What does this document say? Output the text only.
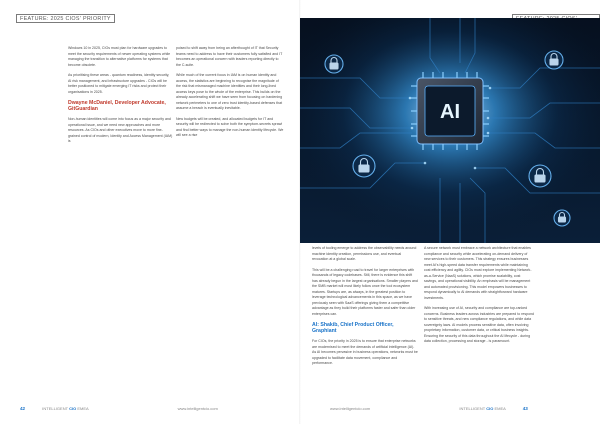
FEATURE: 2025 CIOS' PRIORITY

Windows 10 in 2025, CIOs must plan for hardware upgrades to meet the security requirements of newer operating systems while managing the transition to alternative platforms for systems that become obsolete.

As prioritising these areas - quantum readiness, identity security, AI risk management, and infrastructure upgrades - CIOs will be better positioned to mitigate emerging IT risks and protect their organisations in 2025.

Dwayne McDaniel, Developer Advocate, GitGuardian

Non-human identities will come into focus as a major security and operational issue, and we need new approaches and more resources. As CIOs and other executives move to more fine-grained control of modern, Identity and Access Management (IAM) is

poised to shift away from being an afterthought of IT that Security teams need to address to have their customers fully satisfied and IT becomes an operational concern with leaders reporting directly to the C-suite.

While much of the current focus in IAM is on human identity and access, the statistics are beginning to recognise the magnitude of the risk that mismanaged machine identities and their long-lived access keys pose to the whole of the enterprise. This builds on the already accelerating shift we have seen from focusing on hardening network perimeters to one of zero trust identity-based defenses that assume a breach is eventually inevitable.

New budgets will be created, and allocated budgets for IT and security will be redirected to solve both the symptom-secrets sprawl and find better ways to manage the non-human identity lifecycle. We will see a rise

AI

levels of tooling emerge to address the observability needs around machine identity creation, permissions use, and eventual revocation at a global scale.

This will be a challenging road to travel for larger enterprises with thousands of legacy codebases. Still, there is evidence this shift has already begun in the largest organisations. Smaller players and the SMB market will most likely follow once the tool ecosystem matures. Startups are, as always, in the greatest position to leverage technological advancements in this space, as we have previously seen with SaaS offerings giving them a competitive advantage as they build their platforms faster and safer than older enterprises can.

AI: Shakib, Chief Product Officer, Graphiant

For CIOs, the priority in 2025 is to ensure that enterprise networks are modernised to meet the demands of artificial intelligence (AI). As AI becomes pervasive in business operations, networks must be upgraded to facilitate data movement, compliance and performance.

A secure network must embrace a network architecture that enables compliance and security while accelerating on-demand delivery of new services to their customers. This strategy ensures businesses meet AI's high-speed data transfer requirements while maintaining cost efficiency and agility. CIOs must explore implementing Network-as-a-Service (NaaS) solutions, which promise scalability, cost savings, and operational visibility. An emphasis will be management and automated provisioning. This model empowers businesses to respond dynamically to AI demands with straightforward hardware investments.

With increasing use of AI, security and compliance are top-ranked concerns. Business leaders across industries are prepared to respond to sensitive threats, and new compliance regulations, and while data sovereignty laws. AI models process sensitive data, often involving proprietary information, customer data, or critical business insights. Ensuring the security of this data throughout the AI lifecycle - during data collection, processing and storage - is paramount.

42	INTELLIGENT CIO EMEA	www.intelligentcio.com	www.intelligentcio.com	INTELLIGENT CIO EMEA	43
